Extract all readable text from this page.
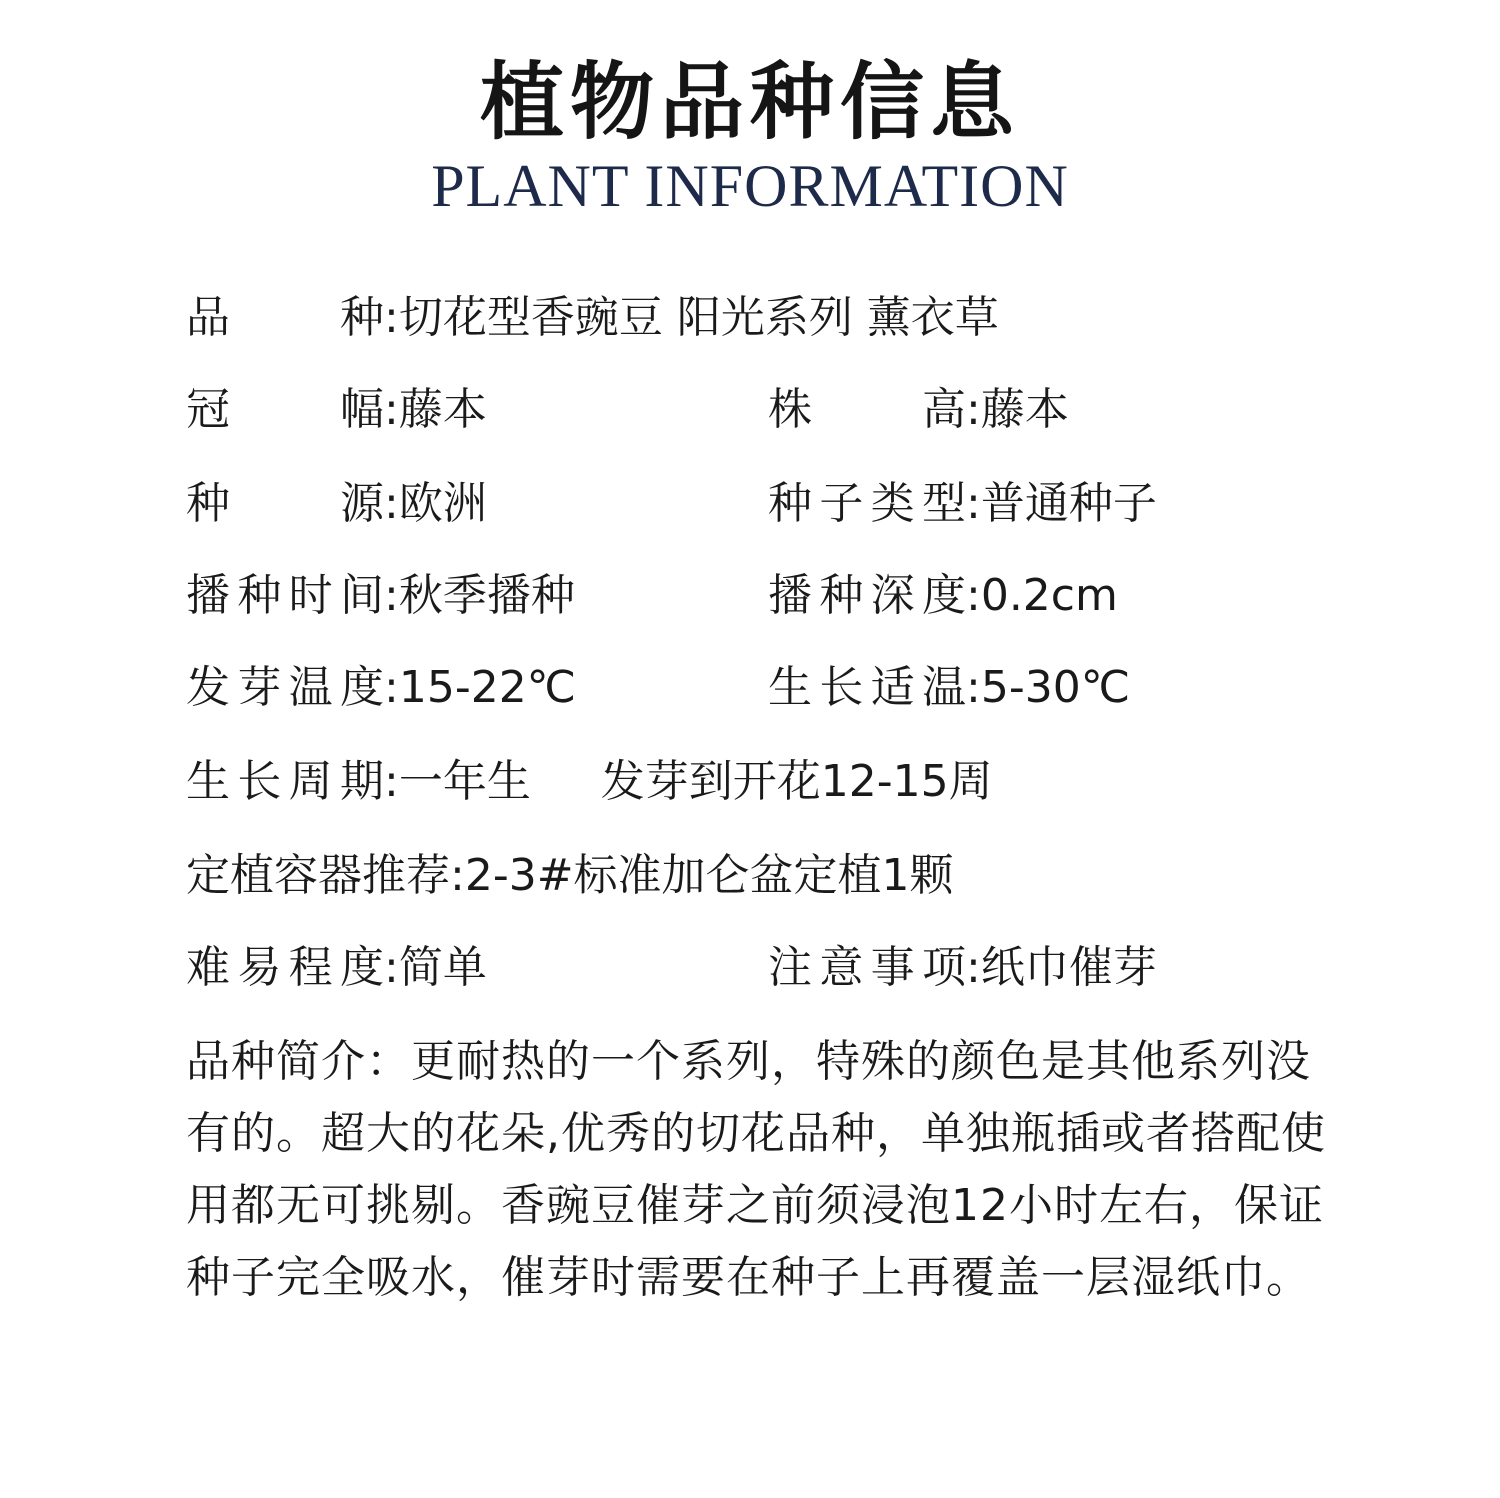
植物品种信息
PLANT INFORMATION
品种:切花型香豌豆 阳光系列 薰衣草
冠幅:藤本	株高:藤本
种源:欧洲	种子类型:普通种子
播种时间:秋季播种	播种深度:0.2cm
发芽温度:15-22℃	生长适温:5-30℃
生长周期:一年生     发芽到开花12-15周
定植容器推荐:2-3#标准加仑盆定植1颗
难易程度:简单	注意事项:纸巾催芽
品种简介：更耐热的一个系列，特殊的颜色是其他系列没有的。超大的花朵,优秀的切花品种，单独瓶插或者搭配使用都无可挑剔。香豌豆催芽之前须浸泡12小时左右，保证种子完全吸水，催芽时需要在种子上再覆盖一层湿纸巾。
